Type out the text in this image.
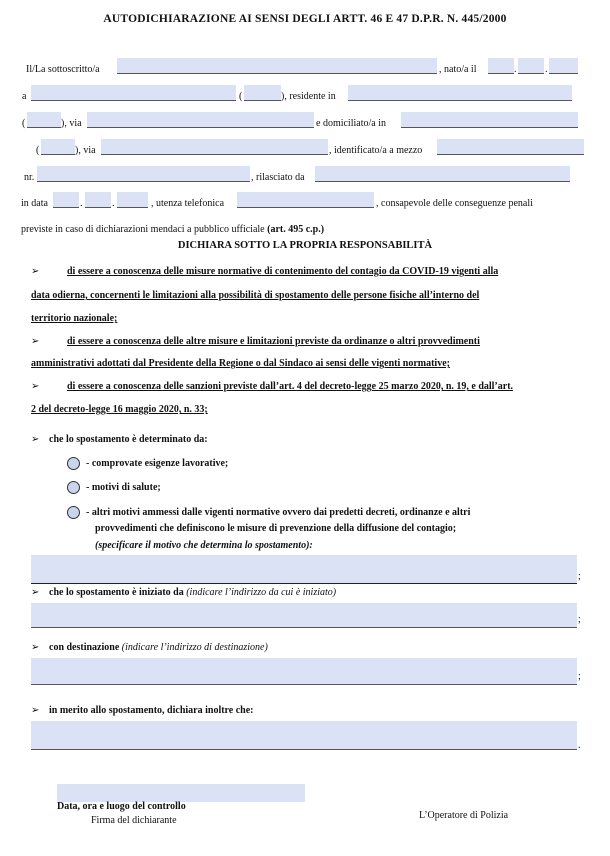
AUTODICHIARAZIONE AI SENSI DEGLI ARTT. 46 E 47 D.P.R. N. 445/2000
Il/La sottoscritto/a	, nato/a il	.	.
a	(	), residente in
(	), via	e domiciliato/a in
(	), via	, identificato/a a mezzo
nr.	, rilasciato da
in data	.	.	, utenza telefonica	, consapevole delle conseguenze penali
previste in caso di dichiarazioni mendaci a pubblico ufficiale (art. 495 c.p.)
DICHIARA SOTTO LA PROPRIA RESPONSABILITÀ
➢	di essere a conoscenza delle misure normative di contenimento del contagio da COVID-19 vigenti alla
data odierna, concernenti le limitazioni alla possibilità di spostamento delle persone fisiche all’interno del
territorio nazionale;
➢	di essere a conoscenza delle altre misure e limitazioni previste da ordinanze o altri provvedimenti
amministrativi adottati dal Presidente della Regione o dal Sindaco ai sensi delle vigenti normative;
➢	di essere a conoscenza delle sanzioni previste dall’art. 4 del decreto-legge 25 marzo 2020, n. 19, e dall’art.
2 del decreto-legge 16 maggio 2020, n. 33;
➢ che lo spostamento è determinato da:
- comprovate esigenze lavorative;
- motivi di salute;
- altri motivi ammessi dalle vigenti normative ovvero dai predetti decreti, ordinanze e altri
provvedimenti che definiscono le misure di prevenzione della diffusione del contagio;
(specificare il motivo che determina lo spostamento):
;
➢ che lo spostamento è iniziato da (indicare l’indirizzo da cui è iniziato)
;
➢ con destinazione (indicare l’indirizzo di destinazione)
;
➢ in merito allo spostamento, dichiara inoltre che:
.
Data, ora e luogo del controllo
Firma del dichiarante	L’Operatore di Polizia
